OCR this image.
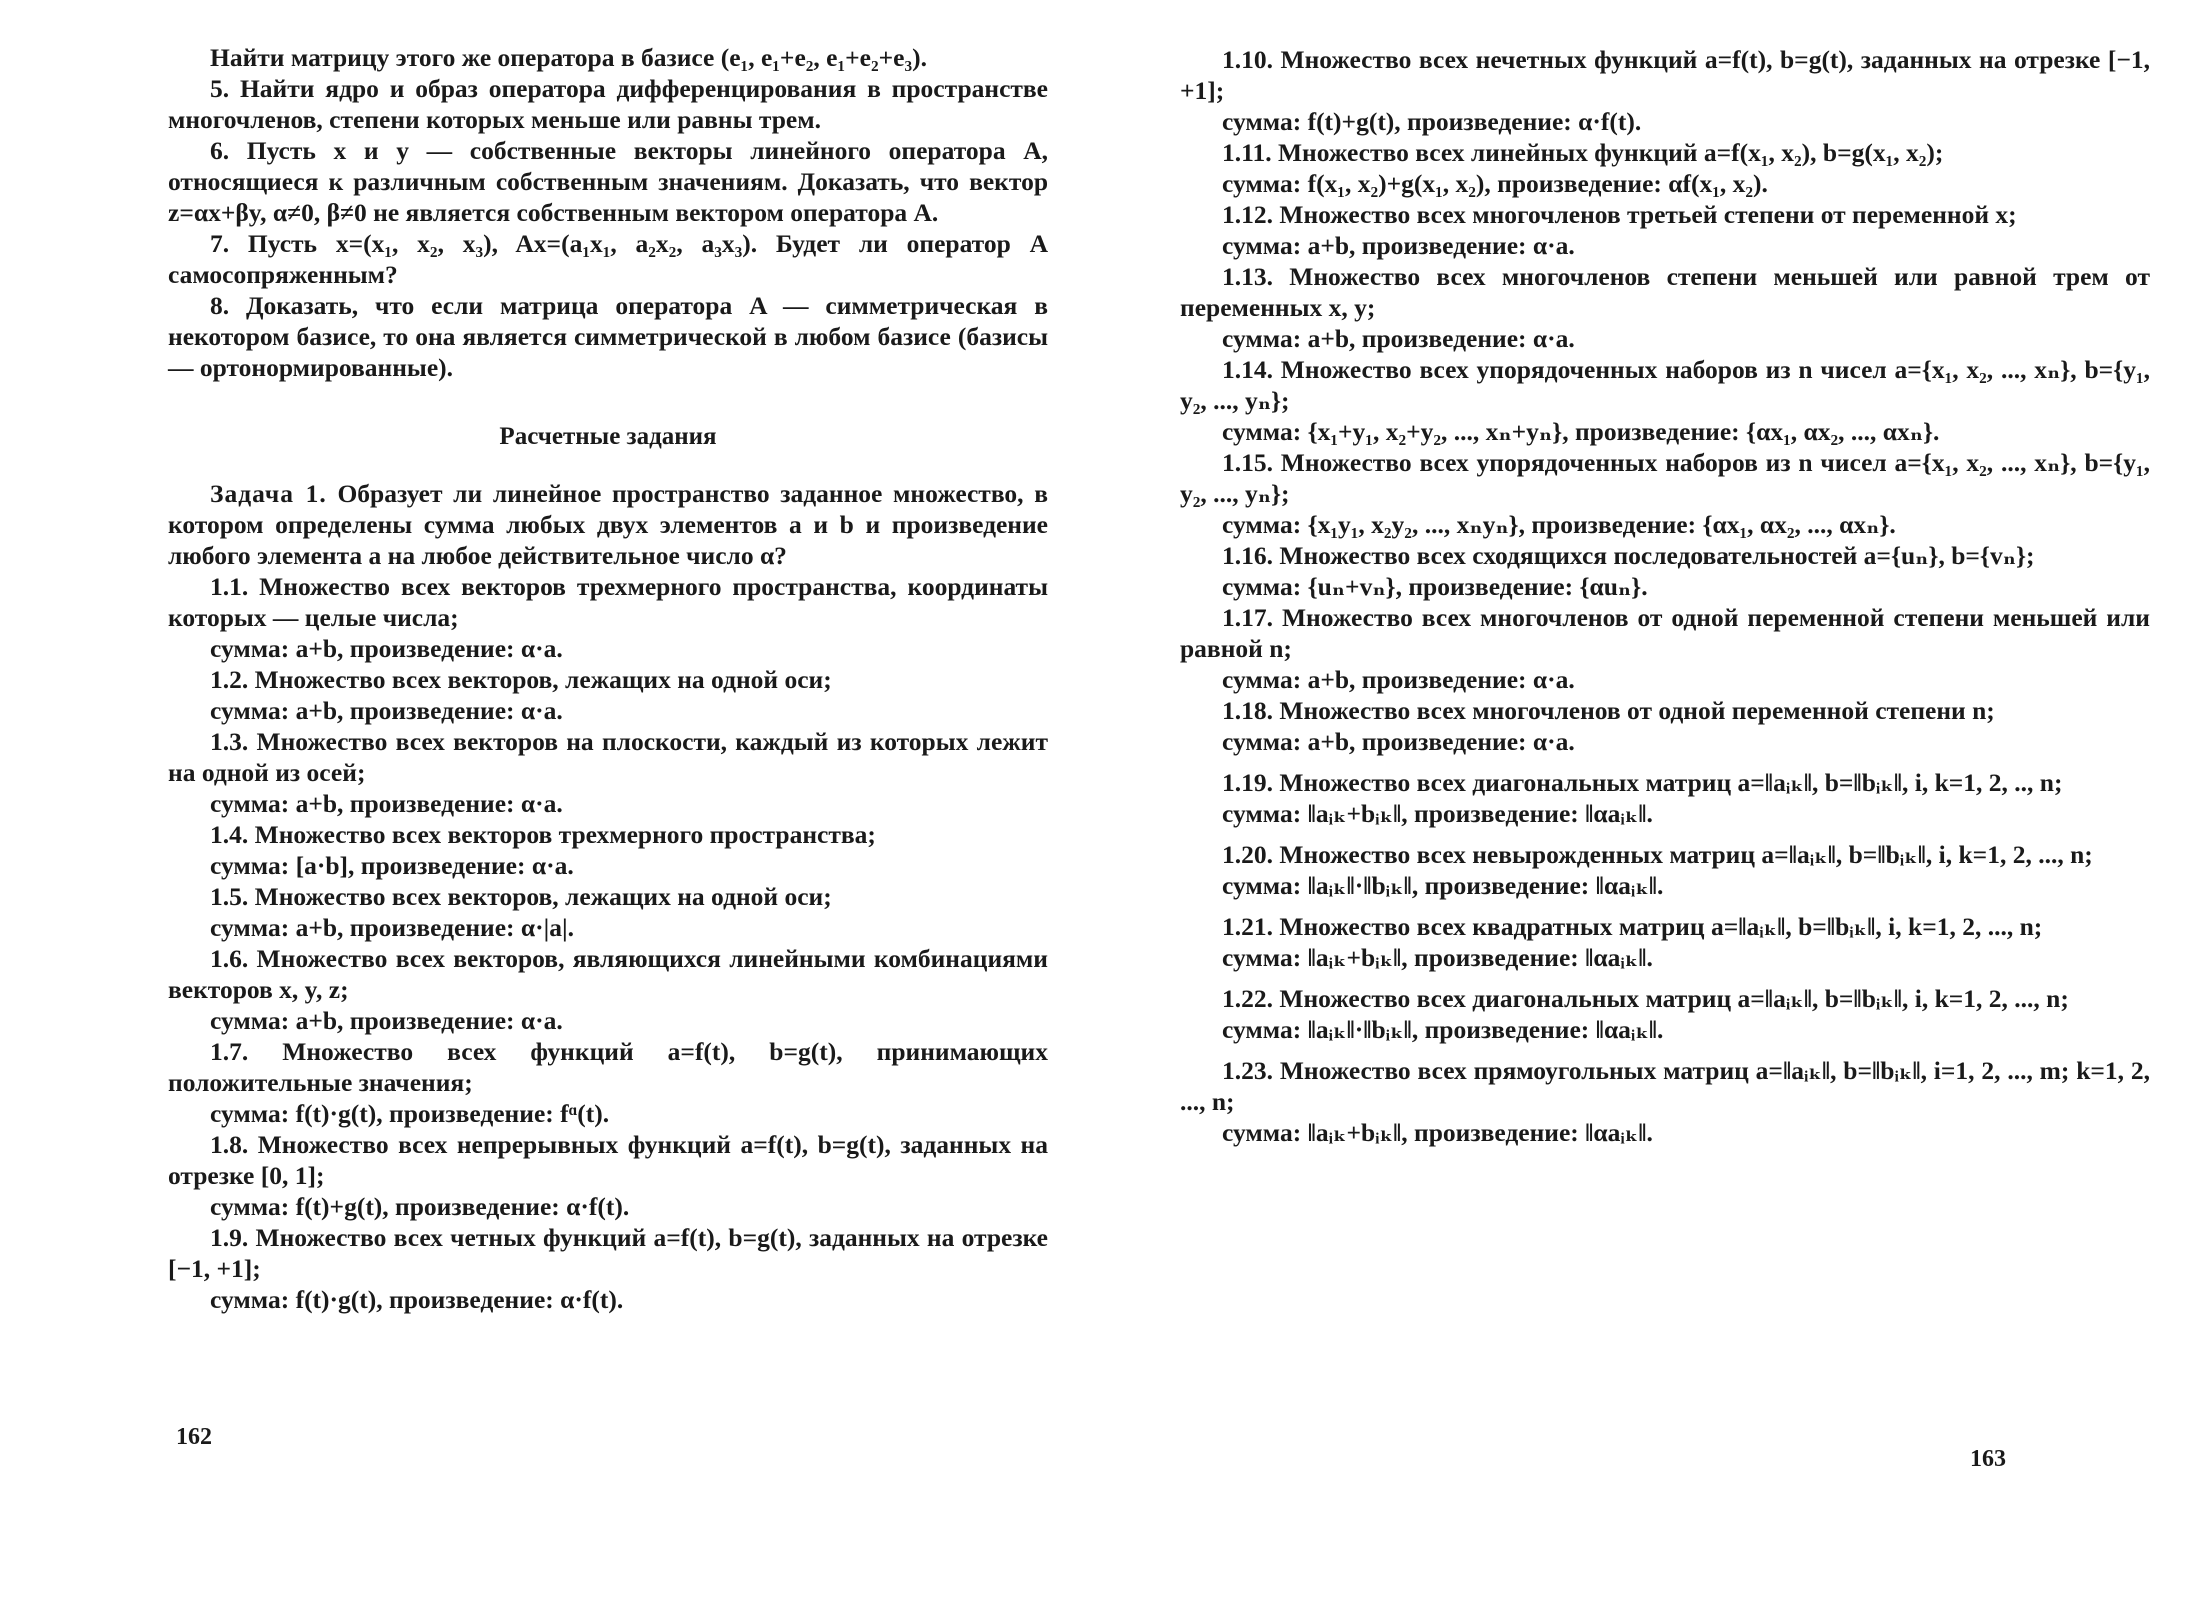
Найти матрицу этого же оператора в базисе (e₁, e₁+e₂, e₁+e₂+e₃).

5. Найти ядро и образ оператора дифференцирования в пространстве многочленов, степени которых меньше или равны трем.

6. Пусть x и y — собственные векторы линейного оператора A, относящиеся к различным собственным значениям. Доказать, что вектор z=αx+βy, α≠0, β≠0 не является собственным вектором оператора A.

7. Пусть x=(x₁, x₂, x₃), Ax=(a₁x₁, a₂x₂, a₃x₃). Будет ли оператор A самосопряженным?

8. Доказать, что если матрица оператора A — симметрическая в некотором базисе, то она является симметрической в любом базисе (базисы — ортонормированные).

Расчетные задания

Задача 1. Образует ли линейное пространство заданное множество, в котором определены сумма любых двух элементов a и b и произведение любого элемента a на любое действительное число α?

1.1. Множество всех векторов трехмерного пространства, координаты которых — целые числа;

сумма: a+b, произведение: α·a.

1.2. Множество всех векторов, лежащих на одной оси;

сумма: a+b, произведение: α·a.

1.3. Множество всех векторов на плоскости, каждый из которых лежит на одной из осей;

сумма: a+b, произведение: α·a.

1.4. Множество всех векторов трехмерного пространства;

сумма: [a·b], произведение: α·a.

1.5. Множество всех векторов, лежащих на одной оси;

сумма: a+b, произведение: α·|a|.

1.6. Множество всех векторов, являющихся линейными комбинациями векторов x, y, z;

сумма: a+b, произведение: α·a.

1.7. Множество всех функций a=f(t), b=g(t), принимающих положительные значения;

сумма: f(t)·g(t), произведение: fᵅ(t).

1.8. Множество всех непрерывных функций a=f(t), b=g(t), заданных на отрезке [0, 1];

сумма: f(t)+g(t), произведение: α·f(t).

1.9. Множество всех четных функций a=f(t), b=g(t), заданных на отрезке [−1, +1];

сумма: f(t)·g(t), произведение: α·f(t).

162

1.10. Множество всех нечетных функций a=f(t), b=g(t), заданных на отрезке [−1, +1];

сумма: f(t)+g(t), произведение: α·f(t).

1.11. Множество всех линейных функций a=f(x₁, x₂), b=g(x₁, x₂);

сумма: f(x₁, x₂)+g(x₁, x₂), произведение: αf(x₁, x₂).

1.12. Множество всех многочленов третьей степени от переменной x;

сумма: a+b, произведение: α·a.

1.13. Множество всех многочленов степени меньшей или равной трем от переменных x, y;

сумма: a+b, произведение: α·a.

1.14. Множество всех упорядоченных наборов из n чисел a={x₁, x₂, ..., xₙ}, b={y₁, y₂, ..., yₙ};

сумма: {x₁+y₁, x₂+y₂, ..., xₙ+yₙ}, произведение: {αx₁, αx₂, ..., αxₙ}.

1.15. Множество всех упорядоченных наборов из n чисел a={x₁, x₂, ..., xₙ}, b={y₁, y₂, ..., yₙ};

сумма: {x₁y₁, x₂y₂, ..., xₙyₙ}, произведение: {αx₁, αx₂, ..., αxₙ}.

1.16. Множество всех сходящихся последовательностей a={uₙ}, b={vₙ};

сумма: {uₙ+vₙ}, произведение: {αuₙ}.

1.17. Множество всех многочленов от одной переменной степени меньшей или равной n;

сумма: a+b, произведение: α·a.

1.18. Множество всех многочленов от одной переменной степени n;

сумма: a+b, произведение: α·a.

1.19. Множество всех диагональных матриц a=‖aᵢₖ‖, b=‖bᵢₖ‖, i, k=1, 2, .., n;

сумма: ‖aᵢₖ+bᵢₖ‖, произведение: ‖αaᵢₖ‖.

1.20. Множество всех невырожденных матриц a=‖aᵢₖ‖, b=‖bᵢₖ‖, i, k=1, 2, ..., n;

сумма: ‖aᵢₖ‖·‖bᵢₖ‖, произведение: ‖αaᵢₖ‖.

1.21. Множество всех квадратных матриц a=‖aᵢₖ‖, b=‖bᵢₖ‖, i, k=1, 2, ..., n;

сумма: ‖aᵢₖ+bᵢₖ‖, произведение: ‖αaᵢₖ‖.

1.22. Множество всех диагональных матриц a=‖aᵢₖ‖, b=‖bᵢₖ‖, i, k=1, 2, ..., n;

сумма: ‖aᵢₖ‖·‖bᵢₖ‖, произведение: ‖αaᵢₖ‖.

1.23. Множество всех прямоугольных матриц a=‖aᵢₖ‖, b=‖bᵢₖ‖, i=1, 2, ..., m; k=1, 2, ..., n;

сумма: ‖aᵢₖ+bᵢₖ‖, произведение: ‖αaᵢₖ‖.

163
